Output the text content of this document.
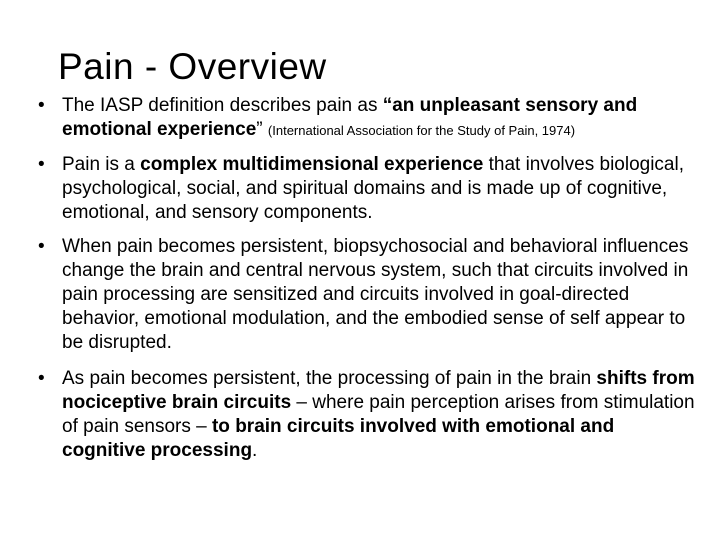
Pain - Overview
• The IASP definition describes pain as “an unpleasant sensory and emotional experience” (International Association for the Study of Pain, 1974)
• Pain is a complex multidimensional experience that involves biological, psychological, social, and spiritual domains and is made up of cognitive, emotional, and sensory components.
• When pain becomes persistent, biopsychosocial and behavioral influences change the brain and central nervous system, such that circuits involved in pain processing are sensitized and circuits involved in goal-directed behavior, emotional modulation, and the embodied sense of self appear to be disrupted.
• As pain becomes persistent, the processing of pain in the brain shifts from nociceptive brain circuits – where pain perception arises from stimulation of pain sensors – to brain circuits involved with emotional and cognitive processing.
